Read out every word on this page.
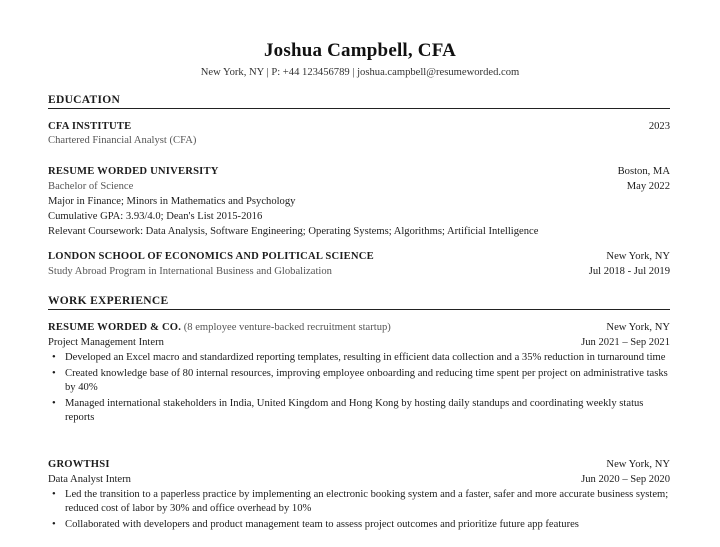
Joshua Campbell, CFA
New York, NY | P: +44 123456789 | joshua.campbell@resumeworded.com
EDUCATION
CFA INSTITUTE	2023
Chartered Financial Analyst (CFA)
RESUME WORDED UNIVERSITY	Boston, MA
Bachelor of Science	May 2022
Major in Finance; Minors in Mathematics and Psychology
Cumulative GPA: 3.93/4.0; Dean's List 2015-2016
Relevant Coursework: Data Analysis, Software Engineering; Operating Systems; Algorithms; Artificial Intelligence
LONDON SCHOOL OF ECONOMICS AND POLITICAL SCIENCE	New York, NY
Study Abroad Program in International Business and Globalization	Jul 2018 - Jul 2019
WORK EXPERIENCE
RESUME WORDED & CO. (8 employee venture-backed recruitment startup)	New York, NY
Project Management Intern	Jun 2021 – Sep 2021
• Developed an Excel macro and standardized reporting templates, resulting in efficient data collection and a 35% reduction in turnaround time
• Created knowledge base of 80 internal resources, improving employee onboarding and reducing time spent per project on administrative tasks by 40%
• Managed international stakeholders in India, United Kingdom and Hong Kong by hosting daily standups and coordinating weekly status reports
GROWTHSI	New York, NY
Data Analyst Intern	Jun 2020 – Sep 2020
• Led the transition to a paperless practice by implementing an electronic booking system and a faster, safer and more accurate business system; reduced cost of labor by 30% and office overhead by 10%
• Collaborated with developers and product management team to assess project outcomes and prioritize future app features
